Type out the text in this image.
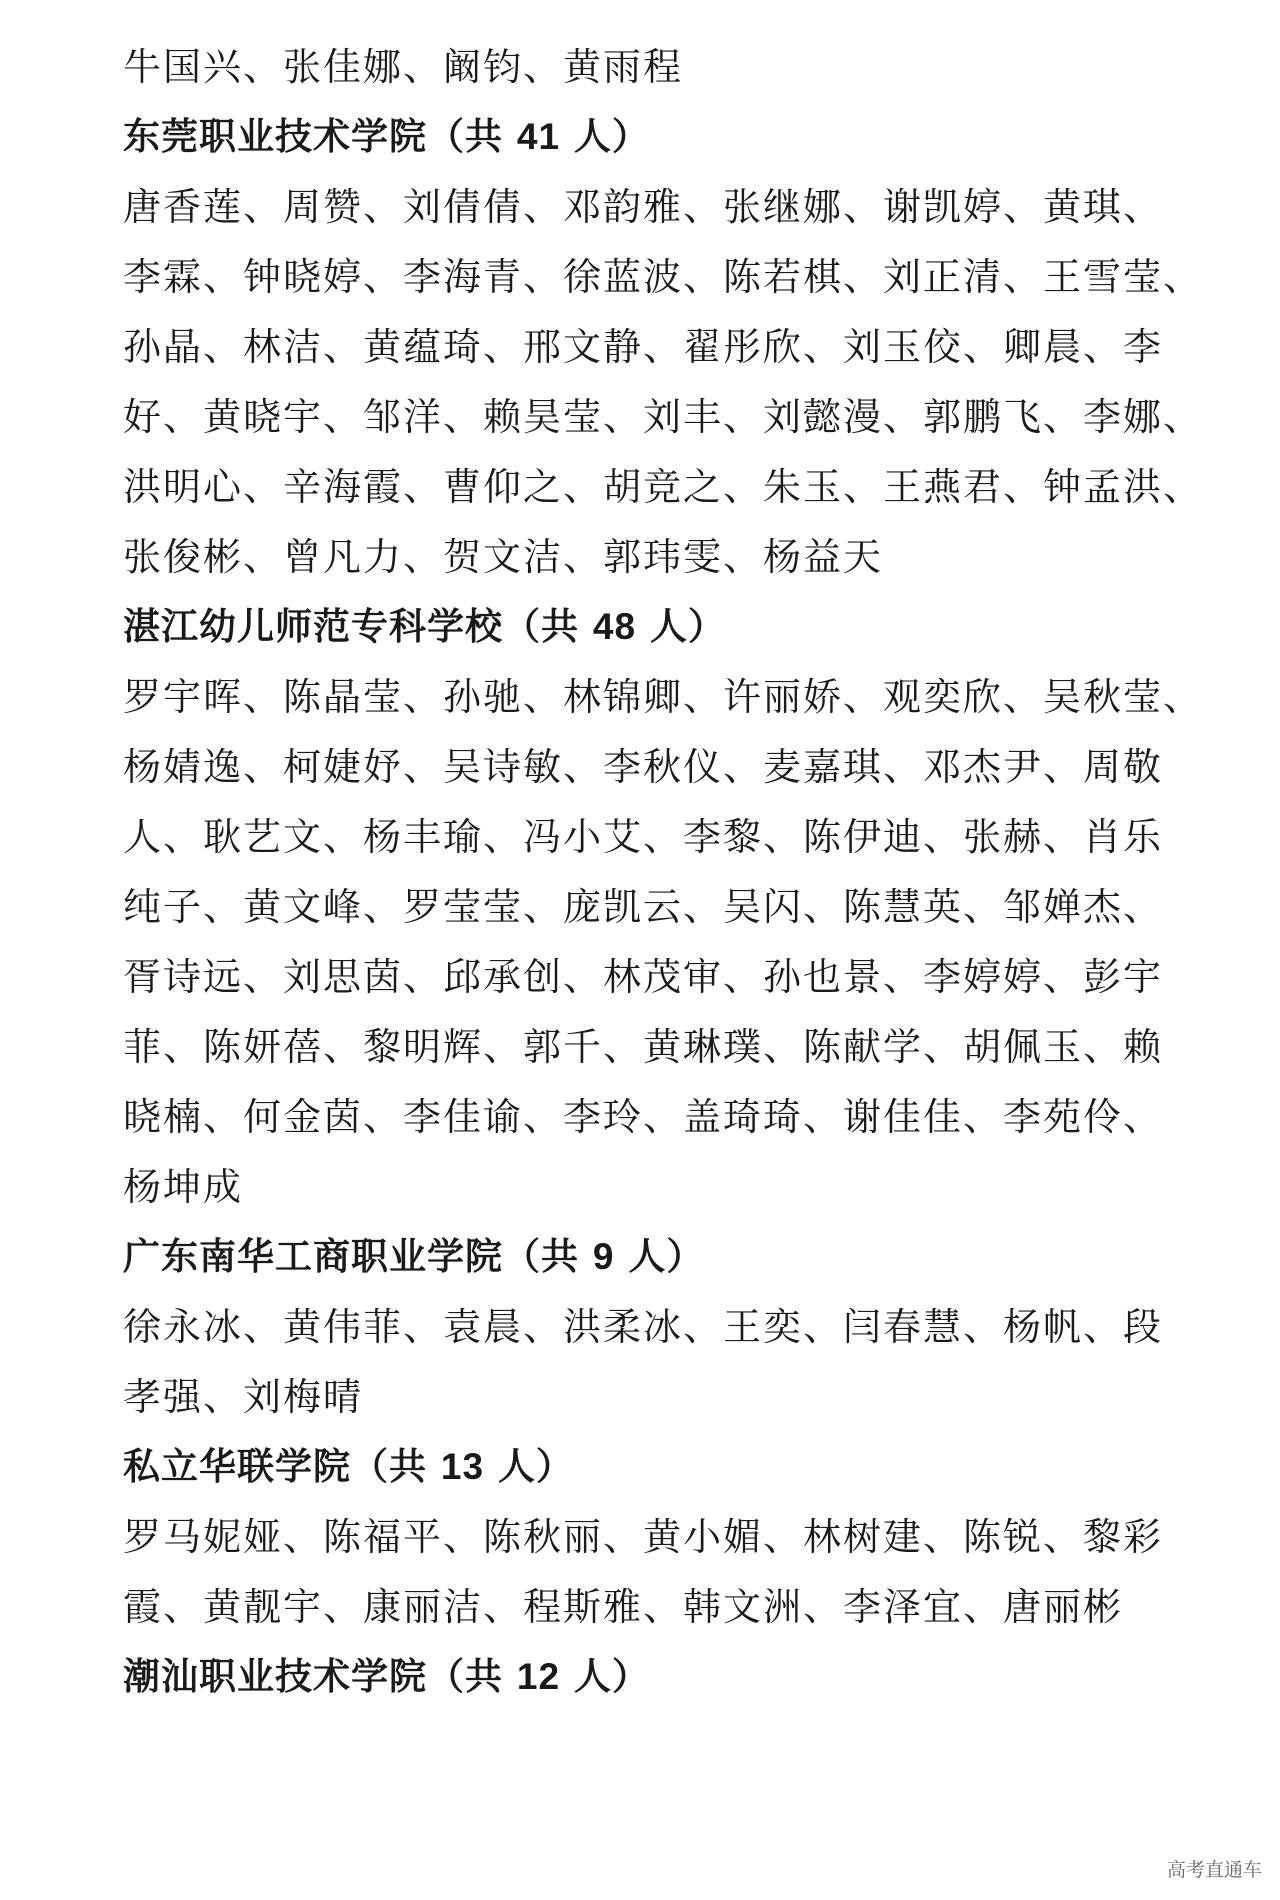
牛国兴、张佳娜、阚钧、黄雨程
东莞职业技术学院（共 41 人）
唐香莲、周赞、刘倩倩、邓韵雅、张继娜、谢凯婷、黄琪、
李霖、钟晓婷、李海青、徐蓝波、陈若棋、刘正清、王雪莹、
孙晶、林洁、黄蕴琦、邢文静、翟彤欣、刘玉佼、卿晨、李
好、黄晓宇、邹洋、赖昊莹、刘丰、刘懿漫、郭鹏飞、李娜、
洪明心、辛海霞、曹仰之、胡竞之、朱玉、王燕君、钟孟洪、
张俊彬、曾凡力、贺文洁、郭玮雯、杨益天
湛江幼儿师范专科学校（共 48 人）
罗宇晖、陈晶莹、孙驰、林锦卿、许丽娇、观奕欣、吴秋莹、
杨婧逸、柯婕妤、吴诗敏、李秋仪、麦嘉琪、邓杰尹、周敬
人、耿艺文、杨丰瑜、冯小艾、李黎、陈伊迪、张赫、肖乐
纯子、黄文峰、罗莹莹、庞凯云、吴闪、陈慧英、邹婵杰、
胥诗远、刘思茵、邱承创、林茂审、孙也景、李婷婷、彭宇
菲、陈妍蓓、黎明辉、郭千、黄琳璞、陈献学、胡佩玉、赖
晓楠、何金茵、李佳谕、李玲、盖琦琦、谢佳佳、李苑伶、
杨坤成
广东南华工商职业学院（共 9 人）
徐永冰、黄伟菲、袁晨、洪柔冰、王奕、闫春慧、杨帆、段
孝强、刘梅晴
私立华联学院（共 13 人）
罗马妮娅、陈福平、陈秋丽、黄小媚、林树建、陈锐、黎彩
霞、黄靓宇、康丽洁、程斯雅、韩文洲、李泽宜、唐丽彬
潮汕职业技术学院（共 12 人）
高考直通车
